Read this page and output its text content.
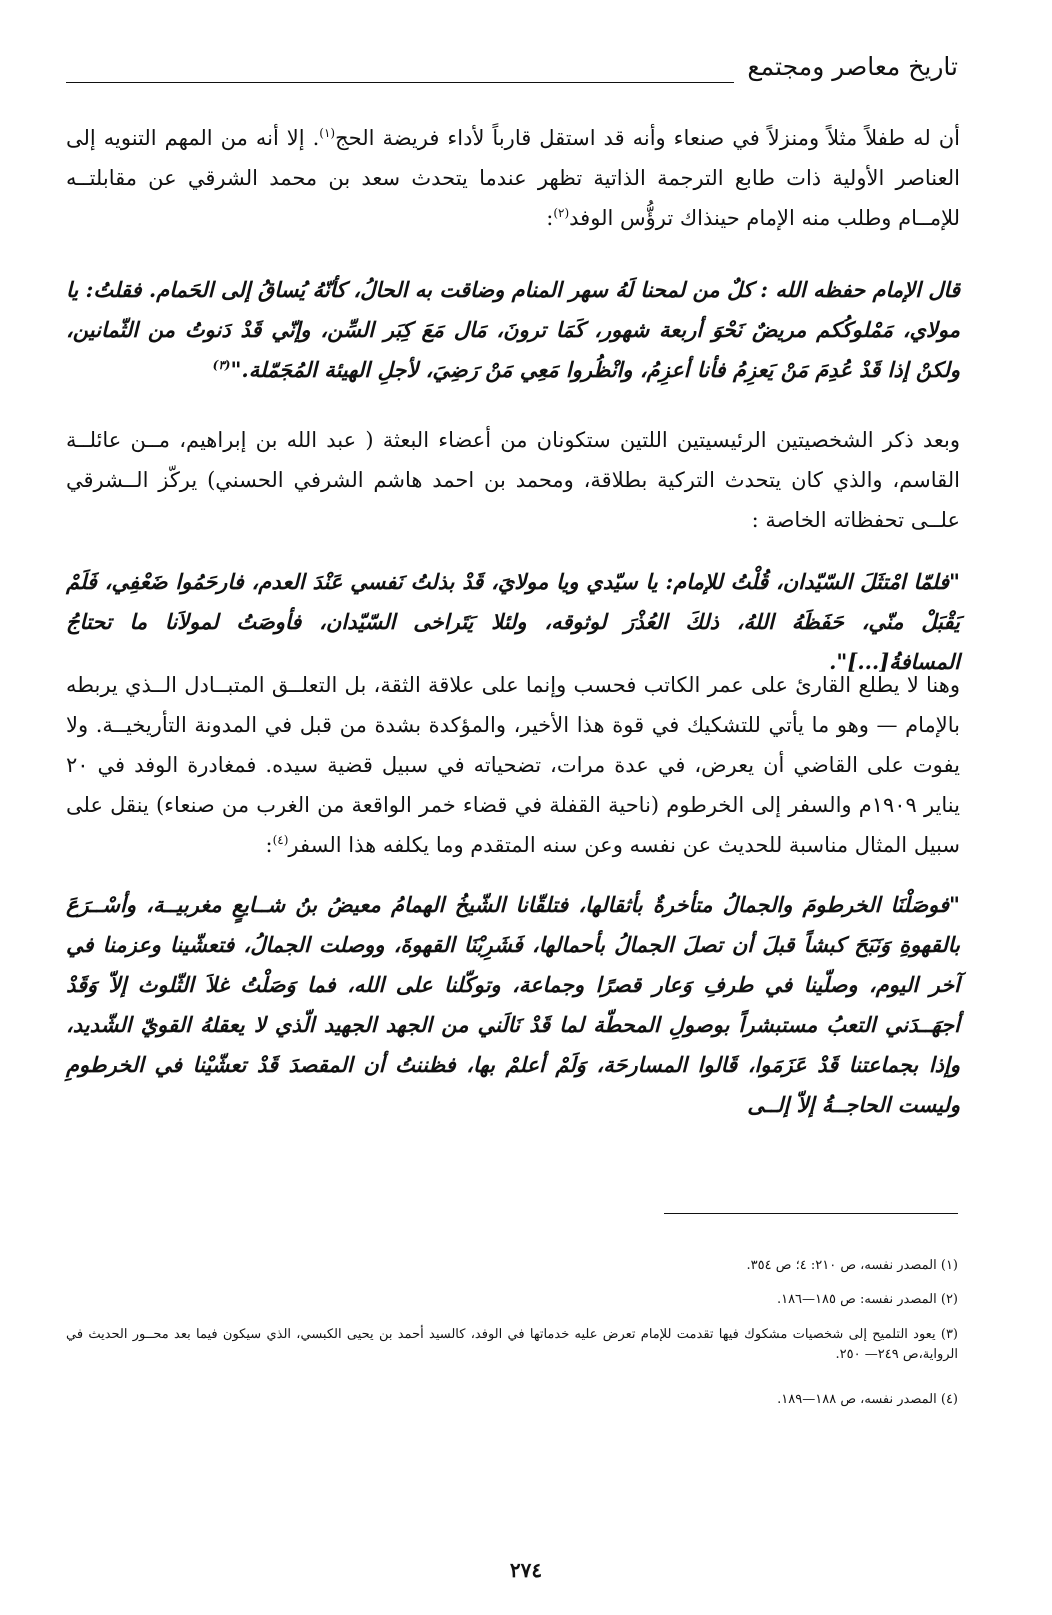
تاريخ معاصر ومجتمع

أن له طفلاً مثلاً ومنزلاً في صنعاء وأنه قد استقل قارباً لأداء فريضة الحج$^{(١)}$. إلا أنه من المهم التنويه إلى العناصر الأولية ذات طابع الترجمة الذاتية تظهر عندما يتحدث سعد بن محمد الشرقي عن مقابلتــه للإمــام وطلب منه الإمام حينذاك ترؤُّس الوفد$^{(٢)}$:

قال الإمام حفظه الله : كلٌ من لمحنا لَهُ سهر المنام وضاقت به الحالُ، كأنّهُ يُساقُ إلى الحَمام. فقلتُ: يا مولاي، مَمْلوكُكم مريضٌ نَحْوَ أربعة شهور، كَمَا ترونَ، مَال مَعَ كِبَر السِّن، وإنّي قَدْ دَنوتُ من الثّمانين، ولكنْ إذا قَدْ عُدِمَ مَنْ يَعزِمُ فأنا أعزِمُ، وانْظُروا مَعِي مَنْ رَضِيَ، لأجلِ الهيئة المُجَمّلة."$^{(٣)}$

وبعد ذكر الشخصيتين الرئيسيتين اللتين ستكونان من أعضاء البعثة ( عبد الله بن إبراهيم، مــن عائلــة القاسم، والذي كان يتحدث التركية بطلاقة، ومحمد بن احمد هاشم الشرفي الحسني) يركّز الــشرقي علــى تحفظاته الخاصة :

"فلمّا امْتثَلَ السّيّدان، قُلْتُ للإمام: يا سيّدي ويا مولايَ، قَدْ بذلتُ نَفسي عَنْدَ العدم، فارحَمُوا ضَعْفِي، فَلَمْ يَقْبَلْ منّي، حَفَظَهُ اللهُ، ذلكَ العُذْرَ لوثوقه، ولئلا يَتَراخى السّيّدان، فأوصَتُ لمولاَنا ما تحتاجُ المسافةُ[...]".

وهنا لا يطلع القارئ على عمر الكاتب فحسب وإنما على علاقة الثقة، بل التعلــق المتبــادل الــذي يربطه بالإمام — وهو ما يأتي للتشكيك في قوة هذا الأخير، والمؤكدة بشدة من قبل في المدونة التأريخيــة. ولا يفوت على القاضي أن يعرض، في عدة مرات، تضحياته في سبيل قضية سيده. فمغادرة الوفد في ٢٠ يناير ١٩٠٩م والسفر إلى الخرطوم (ناحية القفلة في قضاء خمر الواقعة من الغرب من صنعاء) ينقل على سبيل المثال مناسبة للحديث عن نفسه وعن سنه المتقدم وما يكلفه هذا السفر$^{(٤)}$:

"فوصَلْنَا الخرطومَ والجمالُ متأخرةٌ بأثقالها، فتلقّانا الشّيخُ الهمامُ معيضُ بنُ شــايعٍ مغربيــة، وأسْــرَعَ بالقهوةِ وَنَبَحَ كبشاً قبلَ أن تصلَ الجمالُ بأحمالها، فَشَرِبْنَا القهوةَ، ووصلت الجمالُ، فتعشّينا وعزمنا في آخر اليوم، وصلّينا في طرفِ وَعار قصرًا وجماعة، وتوكّلنا على الله، فما وَصَلْتُ غلاَ الثّلوث إلاّ وَقَدْ أجهَــدَني التعبُ مستبشراً بوصولِ المحطّة لما قَدْ نَالَني من الجهد الجهيد الّذي لا يعقلهُ القويّ الشّديد، وإذا بجماعتنا قَدْ عَزَمَوا، قَالوا المسارحَة، وَلَمْ أعلمْ بها، فظننتُ أن المقصدَ قَدْ تعشّيْنا في الخرطومِ وليست الحاجــةُ إلاّ إلــى

(١) المصدر نفسه، ص ٢١٠: ٤؛ ص ٣٥٤.

(٢) المصدر نفسه: ص ١٨٥—١٨٦.

(٣) يعود التلميح إلى شخصيات مشكوك فيها تقدمت للإمام تعرض عليه خدماتها في الوفد، كالسيد أحمد بن يحيى الكبسي، الذي سيكون فيما بعد محــور الحديث في الرواية،ص ٢٤٩— ٢٥٠.

(٤) المصدر نفسه، ص ١٨٨—١٨٩.

٢٧٤
